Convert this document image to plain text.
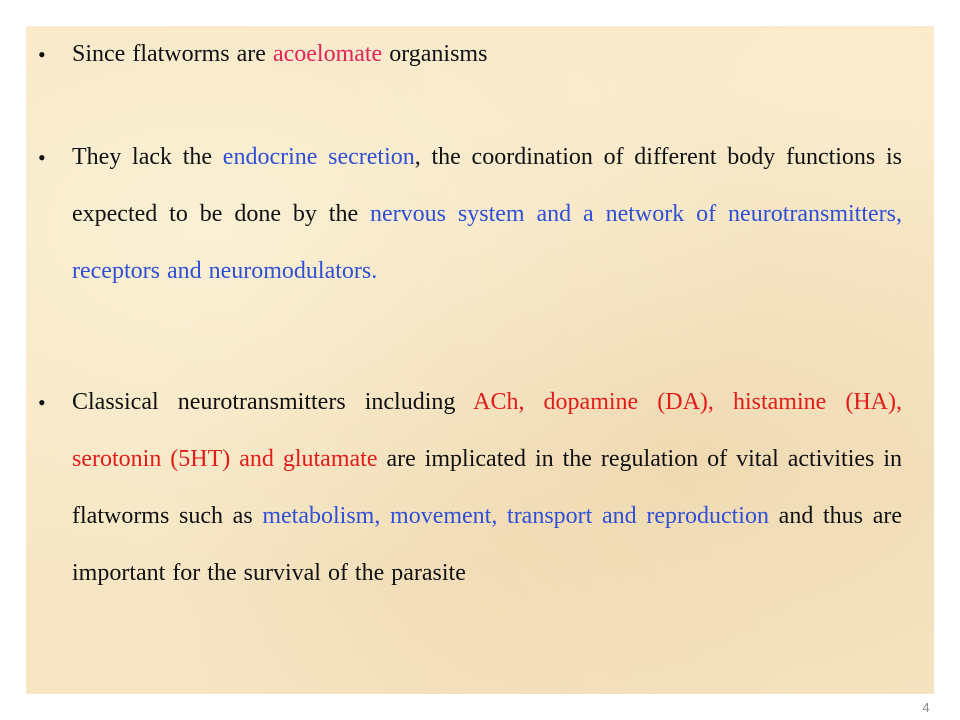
•	Since flatworms are acoelomate organisms
•	They lack the endocrine secretion, the coordination of different body functions is expected to be done by the nervous system and a network of neurotransmitters, receptors and neuromodulators.
•	Classical neurotransmitters including ACh, dopamine (DA), histamine (HA), serotonin (5HT) and glutamate are implicated in the regulation of vital activities in flatworms such as metabolism, movement, transport and reproduction and thus are important for the survival of the parasite
4
